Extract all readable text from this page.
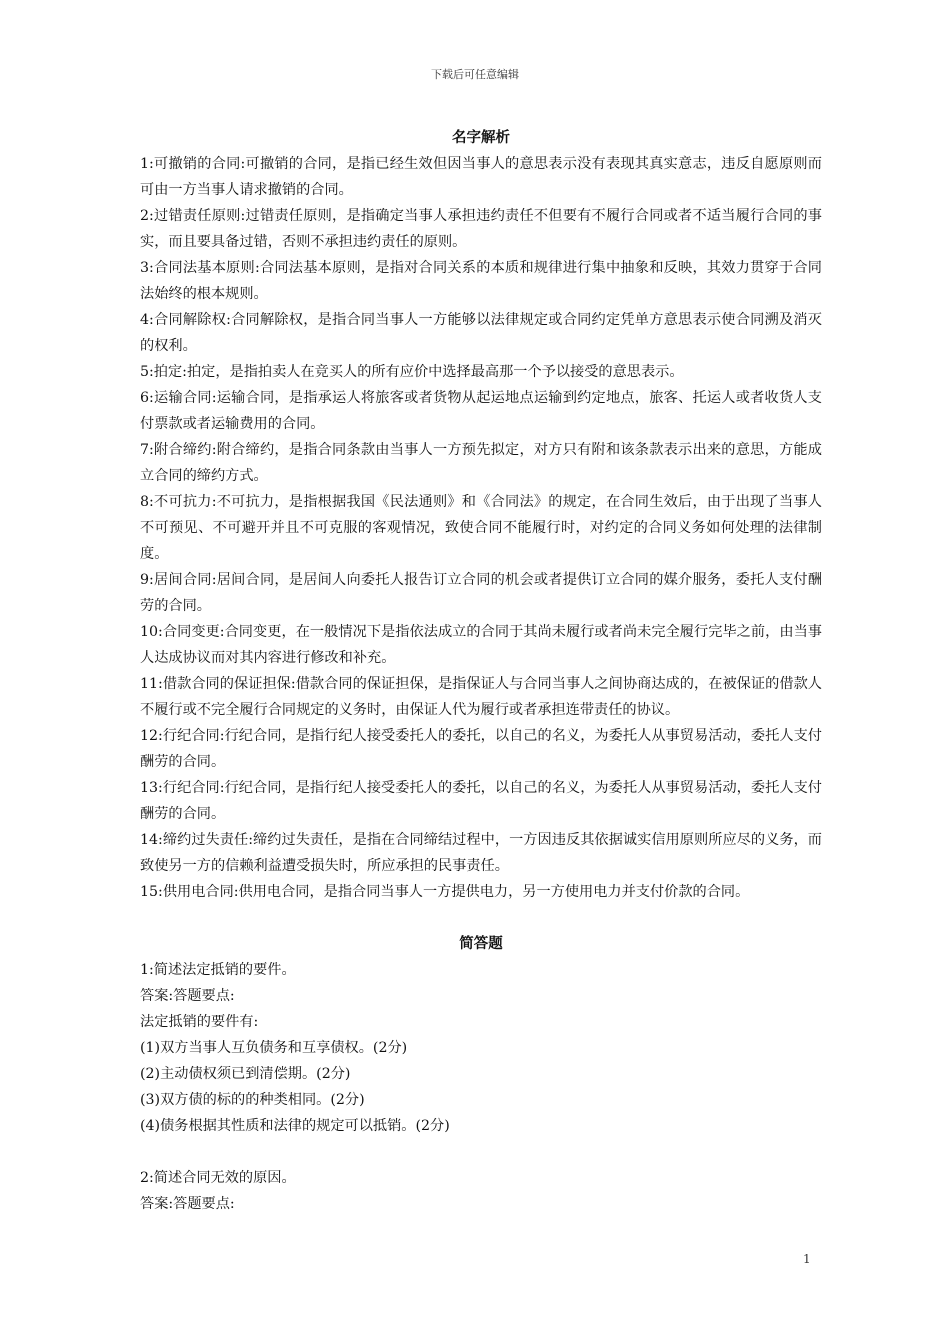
下载后可任意编辑
名字解析
1:可撤销的合同:可撤销的合同，是指已经生效但因当事人的意思表示没有表现其真实意志，违反自愿原则而可由一方当事人请求撤销的合同。
2:过错责任原则:过错责任原则，是指确定当事人承担违约责任不但要有不履行合同或者不适当履行合同的事实，而且要具备过错，否则不承担违约责任的原则。
3:合同法基本原则:合同法基本原则，是指对合同关系的本质和规律进行集中抽象和反映，其效力贯穿于合同法始终的根本规则。
4:合同解除权:合同解除权，是指合同当事人一方能够以法律规定或合同约定凭单方意思表示使合同溯及消灭的权利。
5:拍定:拍定，是指拍卖人在竞买人的所有应价中选择最高那一个予以接受的意思表示。
6:运输合同:运输合同，是指承运人将旅客或者货物从起运地点运输到约定地点，旅客、托运人或者收货人支付票款或者运输费用的合同。
7:附合缔约:附合缔约，是指合同条款由当事人一方预先拟定，对方只有附和该条款表示出来的意思，方能成立合同的缔约方式。
8:不可抗力:不可抗力，是指根据我国《民法通则》和《合同法》的规定，在合同生效后，由于出现了当事人不可预见、不可避开并且不可克服的客观情况，致使合同不能履行时，对约定的合同义务如何处理的法律制度。
9:居间合同:居间合同，是居间人向委托人报告订立合同的机会或者提供订立合同的媒介服务，委托人支付酬劳的合同。
10:合同变更:合同变更，在一般情况下是指依法成立的合同于其尚未履行或者尚未完全履行完毕之前，由当事人达成协议而对其内容进行修改和补充。
11:借款合同的保证担保:借款合同的保证担保，是指保证人与合同当事人之间协商达成的，在被保证的借款人不履行或不完全履行合同规定的义务时，由保证人代为履行或者承担连带责任的协议。
12:行纪合同:行纪合同，是指行纪人接受委托人的委托，以自己的名义，为委托人从事贸易活动，委托人支付酬劳的合同。
13:行纪合同:行纪合同，是指行纪人接受委托人的委托，以自己的名义，为委托人从事贸易活动，委托人支付酬劳的合同。
14:缔约过失责任:缔约过失责任，是指在合同缔结过程中，一方因违反其依据诚实信用原则所应尽的义务，而致使另一方的信赖利益遭受损失时，所应承担的民事责任。
15:供用电合同:供用电合同，是指合同当事人一方提供电力，另一方使用电力并支付价款的合同。
简答题
1:简述法定抵销的要件。
答案:答题要点:
法定抵销的要件有:
(1)双方当事人互负债务和互享债权。(2分)
(2)主动债权须已到清偿期。(2分)
(3)双方债的标的的种类相同。(2分)
(4)债务根据其性质和法律的规定可以抵销。(2分)
2:简述合同无效的原因。
答案:答题要点:
1
